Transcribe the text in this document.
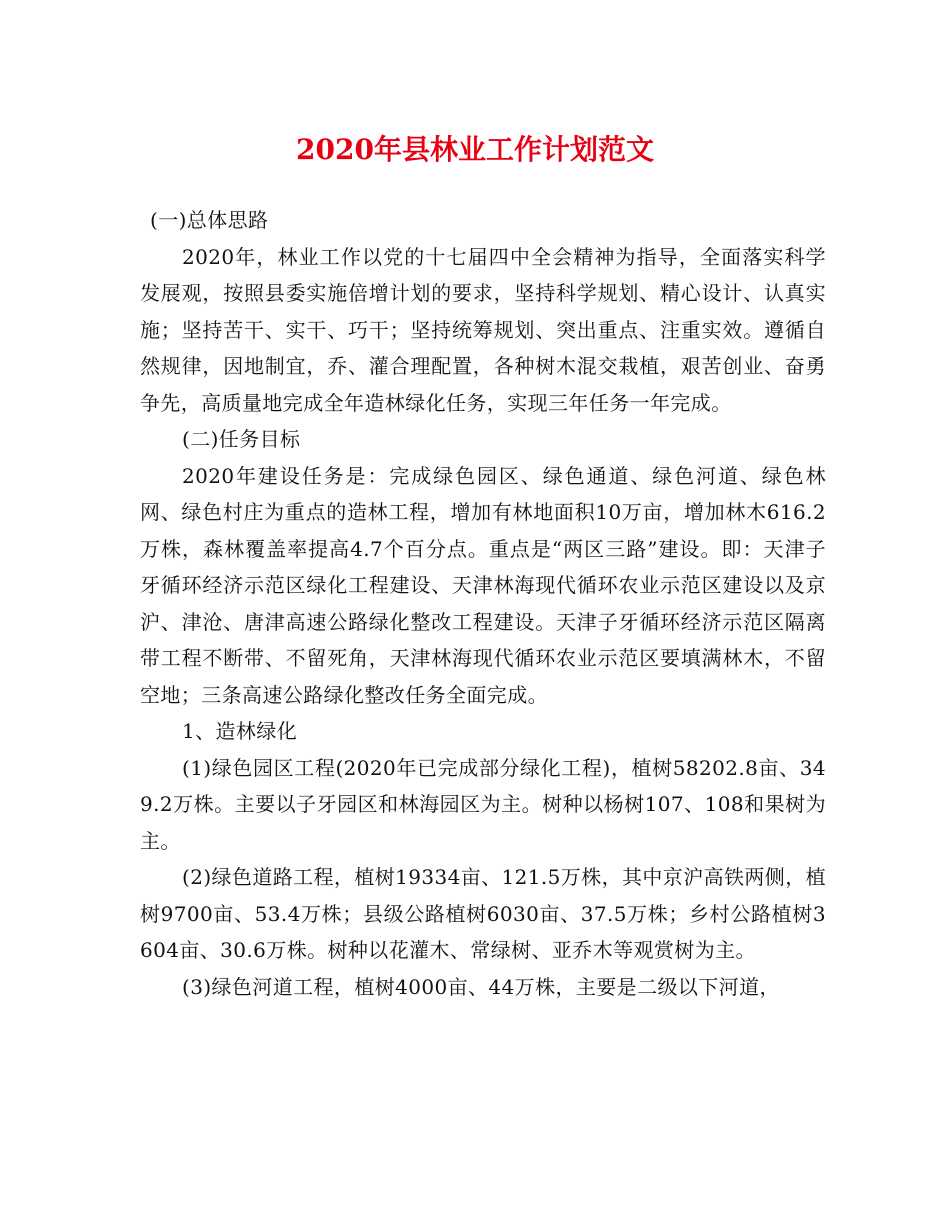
2020年县林业工作计划范文

(一)总体思路

2020年，林业工作以党的十七届四中全会精神为指导，全面落实科学发展观，按照县委实施倍增计划的要求，坚持科学规划、精心设计、认真实施；坚持苦干、实干、巧干；坚持统筹规划、突出重点、注重实效。遵循自然规律，因地制宜，乔、灌合理配置，各种树木混交栽植，艰苦创业、奋勇争先，高质量地完成全年造林绿化任务，实现三年任务一年完成。

(二)任务目标

2020年建设任务是：完成绿色园区、绿色通道、绿色河道、绿色林网、绿色村庄为重点的造林工程，增加有林地面积10万亩，增加林木616.2万株，森林覆盖率提高4.7个百分点。重点是“两区三路”建设。即：天津子牙循环经济示范区绿化工程建设、天津林海现代循环农业示范区建设以及京沪、津沧、唐津高速公路绿化整改工程建设。天津子牙循环经济示范区隔离带工程不断带、不留死角，天津林海现代循环农业示范区要填满林木，不留空地；三条高速公路绿化整改任务全面完成。

1、造林绿化

(1)绿色园区工程(2020年已完成部分绿化工程)，植树58202.8亩、349.2万株。主要以子牙园区和林海园区为主。树种以杨树107、108和果树为主。

(2)绿色道路工程，植树19334亩、121.5万株，其中京沪高铁两侧，植树9700亩、53.4万株；县级公路植树6030亩、37.5万株；乡村公路植树3604亩、30.6万株。树种以花灌木、常绿树、亚乔木等观赏树为主。

(3)绿色河道工程，植树4000亩、44万株，主要是二级以下河道，
